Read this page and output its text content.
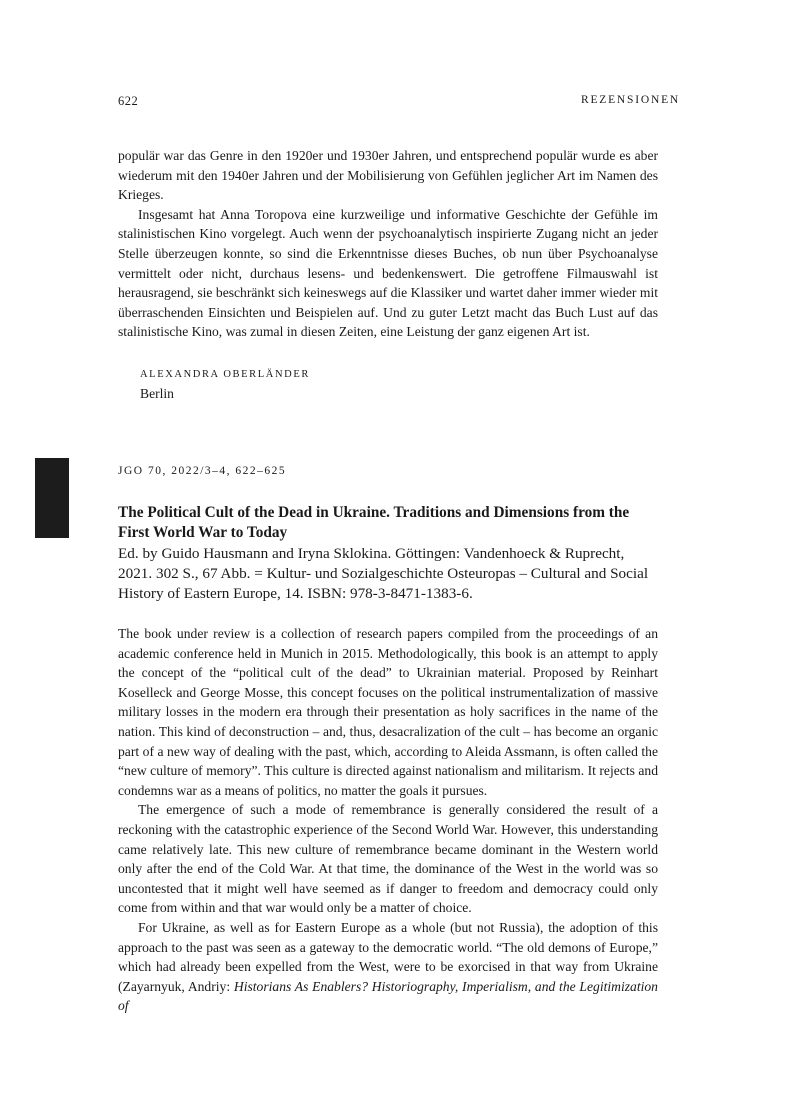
622	REZENSIONEN

populär war das Genre in den 1920er und 1930er Jahren, und entsprechend populär wurde es aber wiederum mit den 1940er Jahren und der Mobilisierung von Gefühlen jeglicher Art im Namen des Krieges.

Insgesamt hat Anna Toropova eine kurzweilige und informative Geschichte der Gefühle im stalinistischen Kino vorgelegt. Auch wenn der psychoanalytisch inspirierte Zugang nicht an jeder Stelle überzeugen konnte, so sind die Erkenntnisse dieses Buches, ob nun über Psychoanalyse vermittelt oder nicht, durchaus lesens- und bedenkenswert. Die getroffene Filmauswahl ist herausragend, sie beschränkt sich keineswegs auf die Klassiker und wartet daher immer wieder mit überraschenden Einsichten und Beispielen auf. Und zu guter Letzt macht das Buch Lust auf das stalinistische Kino, was zumal in diesen Zeiten, eine Leistung der ganz eigenen Art ist.

ALEXANDRA OBERLÄNDER
Berlin
JGO 70, 2022/3–4, 622–625
The Political Cult of the Dead in Ukraine. Traditions and Dimensions from the First World War to Today
Ed. by Guido Hausmann and Iryna Sklokina. Göttingen: Vandenhoeck & Ruprecht, 2021. 302 S., 67 Abb. = Kultur- und Sozialgeschichte Osteuropas – Cultural and Social History of Eastern Europe, 14. ISBN: 978-3-8471-1383-6.

The book under review is a collection of research papers compiled from the proceedings of an academic conference held in Munich in 2015. Methodologically, this book is an attempt to apply the concept of the “political cult of the dead” to Ukrainian material. Proposed by Reinhart Koselleck and George Mosse, this concept focuses on the political instrumentalization of massive military losses in the modern era through their presentation as holy sacrifices in the name of the nation. This kind of deconstruction – and, thus, desacralization of the cult – has become an organic part of a new way of dealing with the past, which, according to Aleida Assmann, is often called the “new culture of memory”. This culture is directed against nationalism and militarism. It rejects and condemns war as a means of politics, no matter the goals it pursues.

The emergence of such a mode of remembrance is generally considered the result of a reckoning with the catastrophic experience of the Second World War. However, this understanding came relatively late. This new culture of remembrance became dominant in the Western world only after the end of the Cold War. At that time, the dominance of the West in the world was so uncontested that it might well have seemed as if danger to freedom and democracy could only come from within and that war would only be a matter of choice.

For Ukraine, as well as for Eastern Europe as a whole (but not Russia), the adoption of this approach to the past was seen as a gateway to the democratic world. “The old demons of Europe,” which had already been expelled from the West, were to be exorcised in that way from Ukraine (Zayarnyuk, Andriy: Historians As Enablers? Historiography, Imperialism, and the Legitimization of
